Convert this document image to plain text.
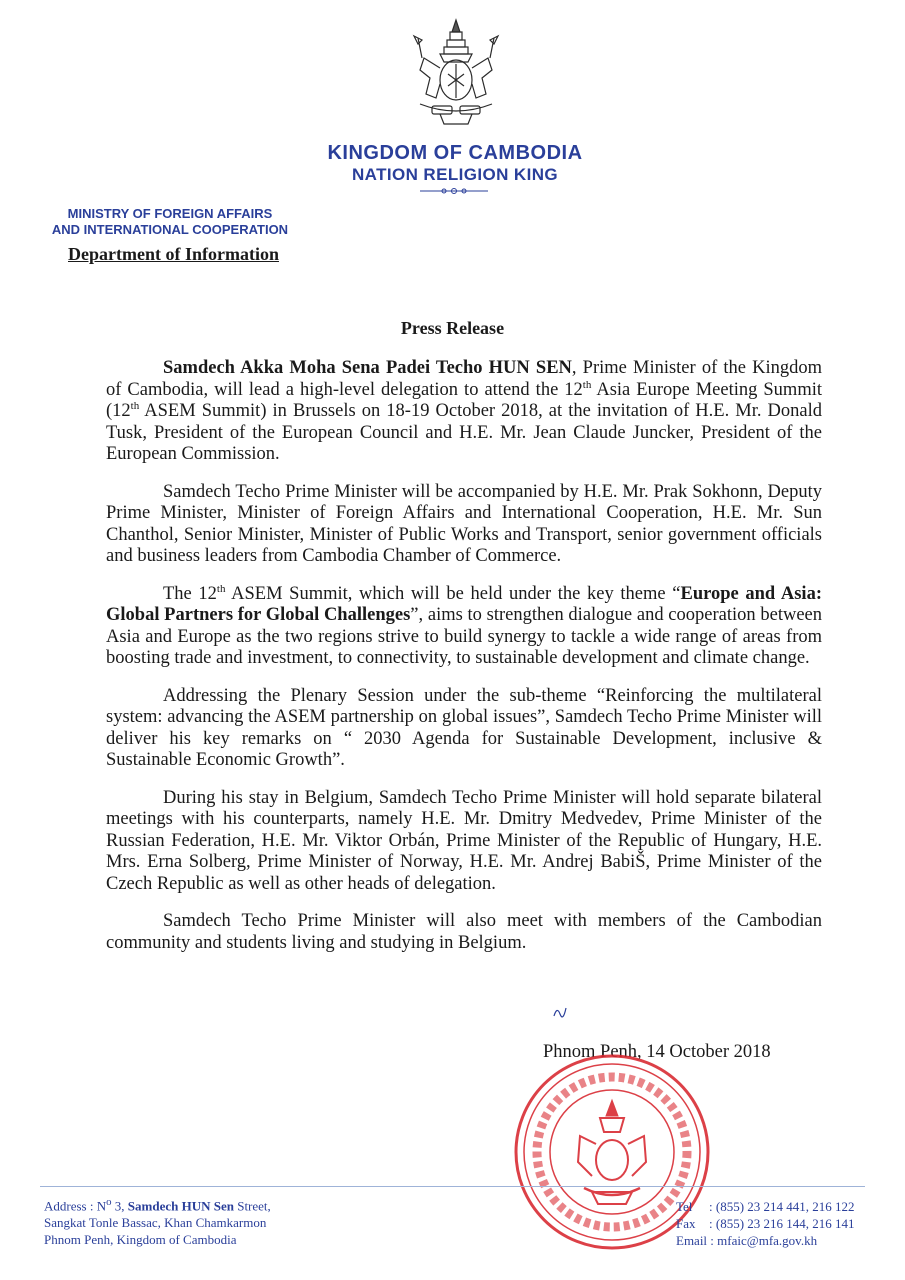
KINGDOM OF CAMBODIA
NATION RELIGION KING
MINISTRY OF FOREIGN AFFAIRS
AND INTERNATIONAL COOPERATION
Department of Information
Press Release

Samdech Akka Moha Sena Padei Techo HUN SEN, Prime Minister of the Kingdom of Cambodia, will lead a high-level delegation to attend the 12th Asia Europe Meeting Summit (12th ASEM Summit) in Brussels on 18-19 October 2018, at the invitation of H.E. Mr. Donald Tusk, President of the European Council and H.E. Mr. Jean Claude Juncker, President of the European Commission.

Samdech Techo Prime Minister will be accompanied by H.E. Mr. Prak Sokhonn, Deputy Prime Minister, Minister of Foreign Affairs and International Cooperation, H.E. Mr. Sun Chanthol, Senior Minister, Minister of Public Works and Transport, senior government officials and business leaders from Cambodia Chamber of Commerce.

The 12th ASEM Summit, which will be held under the key theme “Europe and Asia: Global Partners for Global Challenges”, aims to strengthen dialogue and cooperation between Asia and Europe as the two regions strive to build synergy to tackle a wide range of areas from boosting trade and investment, to connectivity, to sustainable development and climate change.

Addressing the Plenary Session under the sub-theme “Reinforcing the multilateral system: advancing the ASEM partnership on global issues”, Samdech Techo Prime Minister will deliver his key remarks on “ 2030 Agenda for Sustainable Development, inclusive & Sustainable Economic Growth”.

During his stay in Belgium, Samdech Techo Prime Minister will hold separate bilateral meetings with his counterparts, namely H.E. Mr. Dmitry Medvedev, Prime Minister of the Russian Federation, H.E. Mr. Viktor Orbán, Prime Minister of the Republic of Hungary, H.E. Mrs. Erna Solberg, Prime Minister of Norway, H.E. Mr. Andrej BabiŠ, Prime Minister of the Czech Republic as well as other heads of delegation.

Samdech Techo Prime Minister will also meet with members of the Cambodian community and students living and studying in Belgium.

Phnom Penh, 14 October 2018
Address : $N^o$ 3, Samdech HUN Sen Street,
Sangkat Tonle Bassac, Khan Chamkarmon
Phnom Penh, Kingdom of Cambodia
Tel	: (855) 23 214 441, 216 122
Fax	: (855) 23 216 144, 216 141
Email : mfaic@mfa.gov.kh
